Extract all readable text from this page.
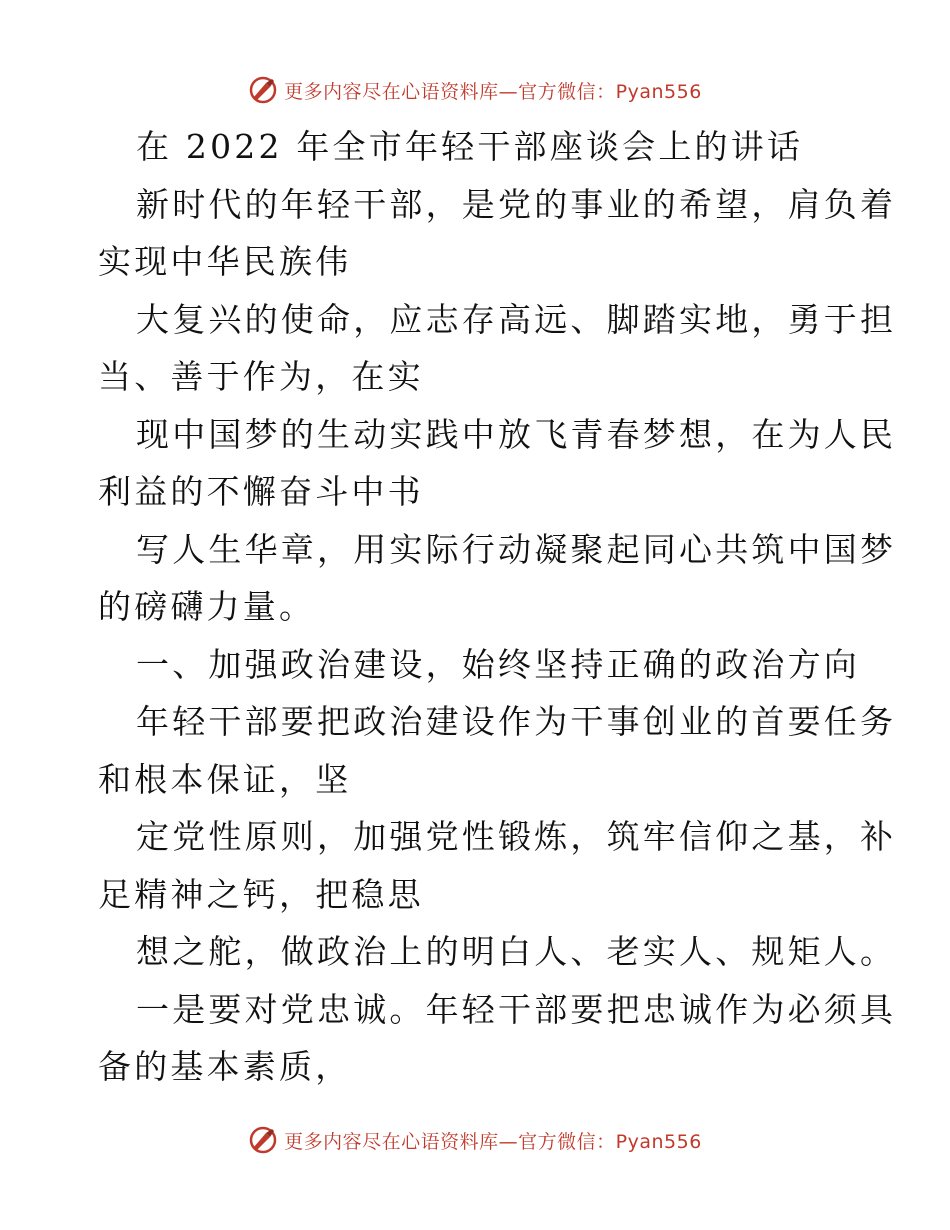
更多内容尽在心语资料库—官方微信：Pyan556
在 2022 年全市年轻干部座谈会上的讲话
新时代的年轻干部，是党的事业的希望，肩负着
实现中华民族伟
大复兴的使命，应志存高远、脚踏实地，勇于担
当、善于作为，在实
现中国梦的生动实践中放飞青春梦想，在为人民
利益的不懈奋斗中书
写人生华章，用实际行动凝聚起同心共筑中国梦
的磅礴力量。
一、加强政治建设，始终坚持正确的政治方向
年轻干部要把政治建设作为干事创业的首要任务
和根本保证，坚
定党性原则，加强党性锻炼，筑牢信仰之基，补
足精神之钙，把稳思
想之舵，做政治上的明白人、老实人、规矩人。
一是要对党忠诚。年轻干部要把忠诚作为必须具
备的基本素质，
更多内容尽在心语资料库—官方微信：Pyan556
